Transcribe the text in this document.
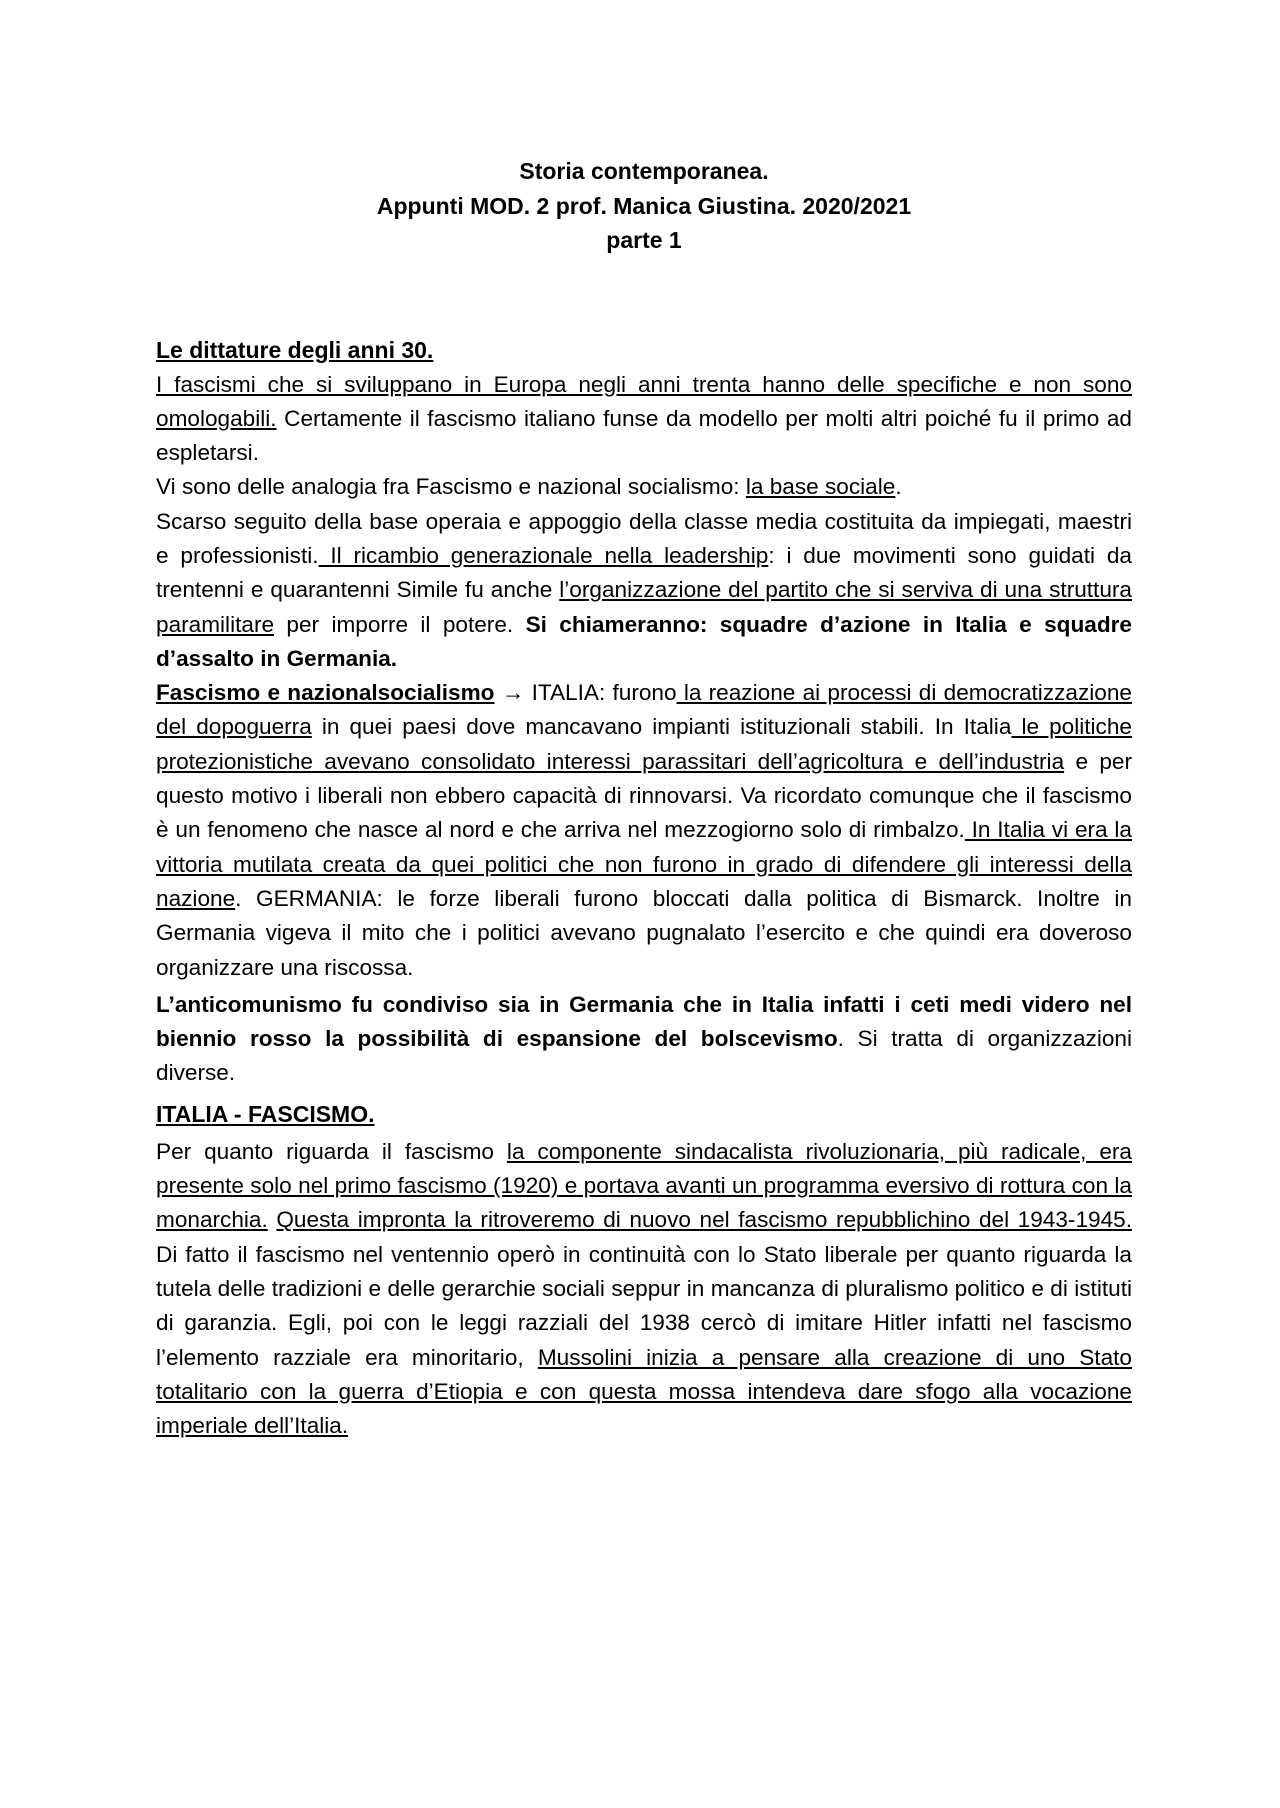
Storia contemporanea.
Appunti MOD. 2 prof. Manica Giustina. 2020/2021
parte 1
Le dittature degli anni 30.

I fascismi che si sviluppano in Europa negli anni trenta hanno delle specifiche e non sono omologabili. Certamente il fascismo italiano funse da modello per molti altri poiché fu il primo ad espletarsi.

Vi sono delle analogia fra Fascismo e nazional socialismo: la base sociale.

Scarso seguito della base operaia e appoggio della classe media costituita da impiegati, maestri e professionisti. Il ricambio generazionale nella leadership: i due movimenti sono guidati da trentenni e quarantenni Simile fu anche l’organizzazione del partito che si serviva di una struttura paramilitare per imporre il potere. Si chiameranno: squadre d’azione in Italia e squadre d’assalto in Germania.

Fascismo e nazionalsocialismo → ITALIA: furono la reazione ai processi di democratizzazione del dopoguerra in quei paesi dove mancavano impianti istituzionali stabili. In Italia le politiche protezionistiche avevano consolidato interessi parassitari dell’agricoltura e dell’industria e per questo motivo i liberali non ebbero capacità di rinnovarsi. Va ricordato comunque che il fascismo è un fenomeno che nasce al nord e che arriva nel mezzogiorno solo di rimbalzo. In Italia vi era la vittoria mutilata creata da quei politici che non furono in grado di difendere gli interessi della nazione. GERMANIA: le forze liberali furono bloccati dalla politica di Bismarck. Inoltre in Germania vigeva il mito che i politici avevano pugnalato l’esercito e che quindi era doveroso organizzare una riscossa.

L’anticomunismo fu condiviso sia in Germania che in Italia infatti i ceti medi videro nel biennio rosso la possibilità di espansione del bolscevismo. Si tratta di organizzazioni diverse.

ITALIA - FASCISMO.

Per quanto riguarda il fascismo la componente sindacalista rivoluzionaria, più radicale, era presente solo nel primo fascismo (1920) e portava avanti un programma eversivo di rottura con la monarchia. Questa impronta la ritroveremo di nuovo nel fascismo repubblichino del 1943-1945. Di fatto il fascismo nel ventennio operò in continuità con lo Stato liberale per quanto riguarda la tutela delle tradizioni e delle gerarchie sociali seppur in mancanza di pluralismo politico e di istituti di garanzia. Egli, poi con le leggi razziali del 1938 cercò di imitare Hitler infatti nel fascismo l’elemento razziale era minoritario, Mussolini inizia a pensare alla creazione di uno Stato totalitario con la guerra d’Etiopia e con questa mossa intendeva dare sfogo alla vocazione imperiale dell’Italia.
